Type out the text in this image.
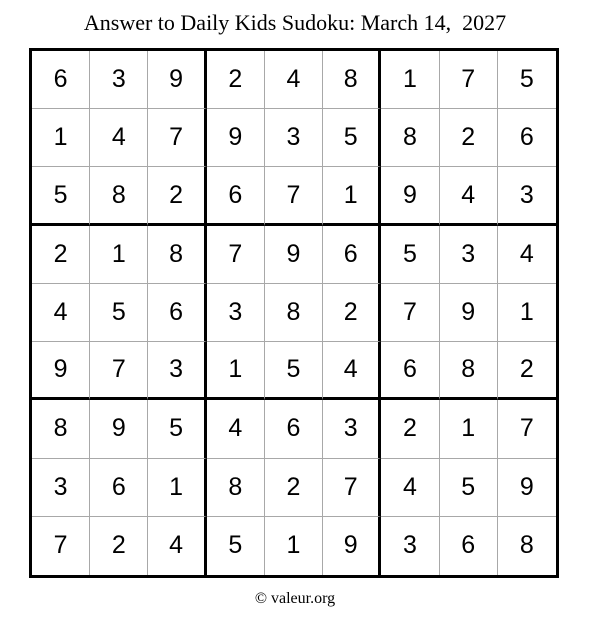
Answer to Daily Kids Sudoku: March 14,  2027
6	3	9	2	4	8	1	7	5
1	4	7	9	3	5	8	2	6
5	8	2	6	7	1	9	4	3
2	1	8	7	9	6	5	3	4
4	5	6	3	8	2	7	9	1
9	7	3	1	5	4	6	8	2
8	9	5	4	6	3	2	1	7
3	6	1	8	2	7	4	5	9
7	2	4	5	1	9	3	6	8
© valeur.org
